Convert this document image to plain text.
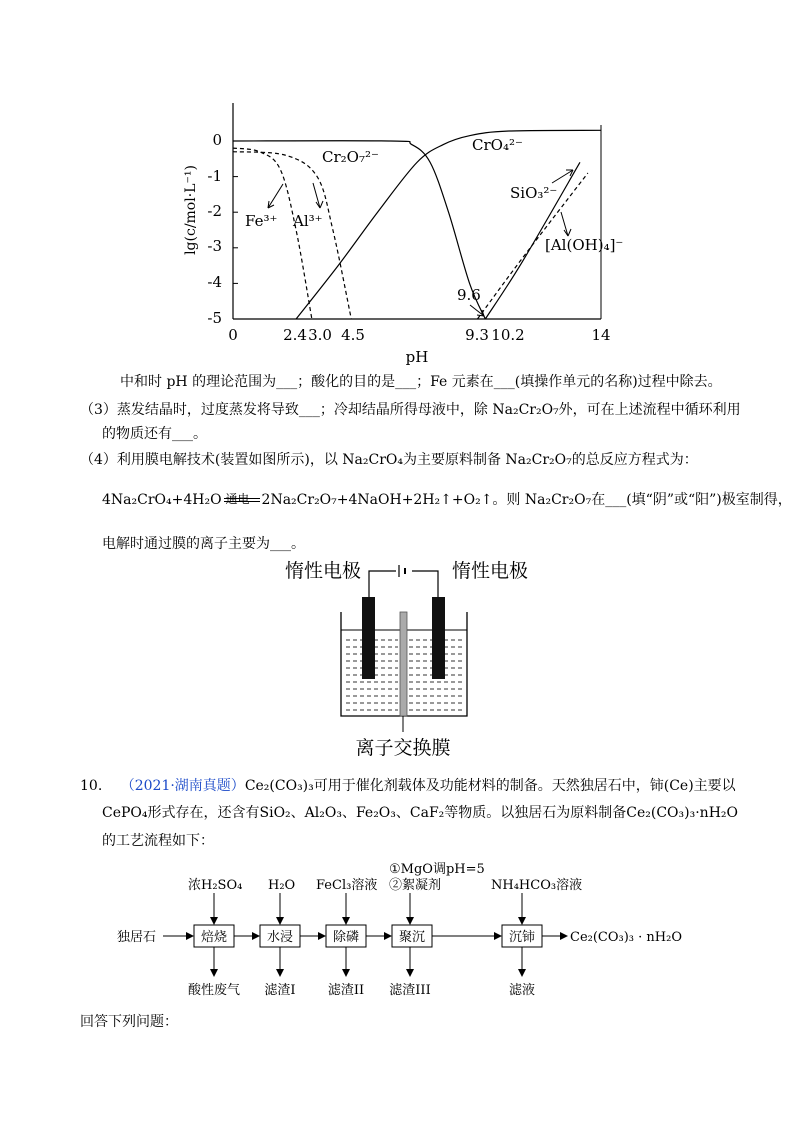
0
-1
-2
-3
-4
-5
0	2.4 3.0 4.5	9.3 10.2	14
pH
lg(c/mol·L⁻¹)
Cr₂O₇²⁻
CrO₄²⁻
Fe³⁺ Al³⁺
SiO₃²⁻
[Al(OH)₄]⁻
9.6
中和时 pH 的理论范围为___；酸化的目的是___；Fe 元素在___(填操作单元的名称)过程中除去。
（3）蒸发结晶时，过度蒸发将导致___；冷却结晶所得母液中，除 Na₂Cr₂O₇外，可在上述流程中循环利用
的物质还有___。
（4）利用膜电解技术(装置如图所示)，以 Na₂CrO₄为主要原料制备 Na₂Cr₂O₇的总反应方程式为：
4Na₂CrO₄+4H₂O 通电 2Na₂Cr₂O₇+4NaOH+2H₂↑+O₂↑。则 Na₂Cr₂O₇在___(填“阴”或“阳”)极室制得，
电解时通过膜的离子主要为___。
惰性电极	惰性电极
离子交换膜
10. （2021·湖南真题）Ce₂(CO₃)₃可用于催化剂载体及功能材料的制备。天然独居石中，铈(Ce)主要以
CePO₄形式存在，还含有SiO₂、Al₂O₃、Fe₂O₃、CaF₂等物质。以独居石为原料制备Ce₂(CO₃)₃·nH₂O
的工艺流程如下：
独居石	焙烧	水浸	除磷	聚沉	沉铈	Ce₂(CO₃)₃ · nH₂O
浓H₂SO₄ H₂O FeCl₃溶液
①MgO调pH=5
②絮凝剂	NH₄HCO₃溶液
酸性废气 滤渣I 滤渣II 滤渣III	滤液
回答下列问题：
